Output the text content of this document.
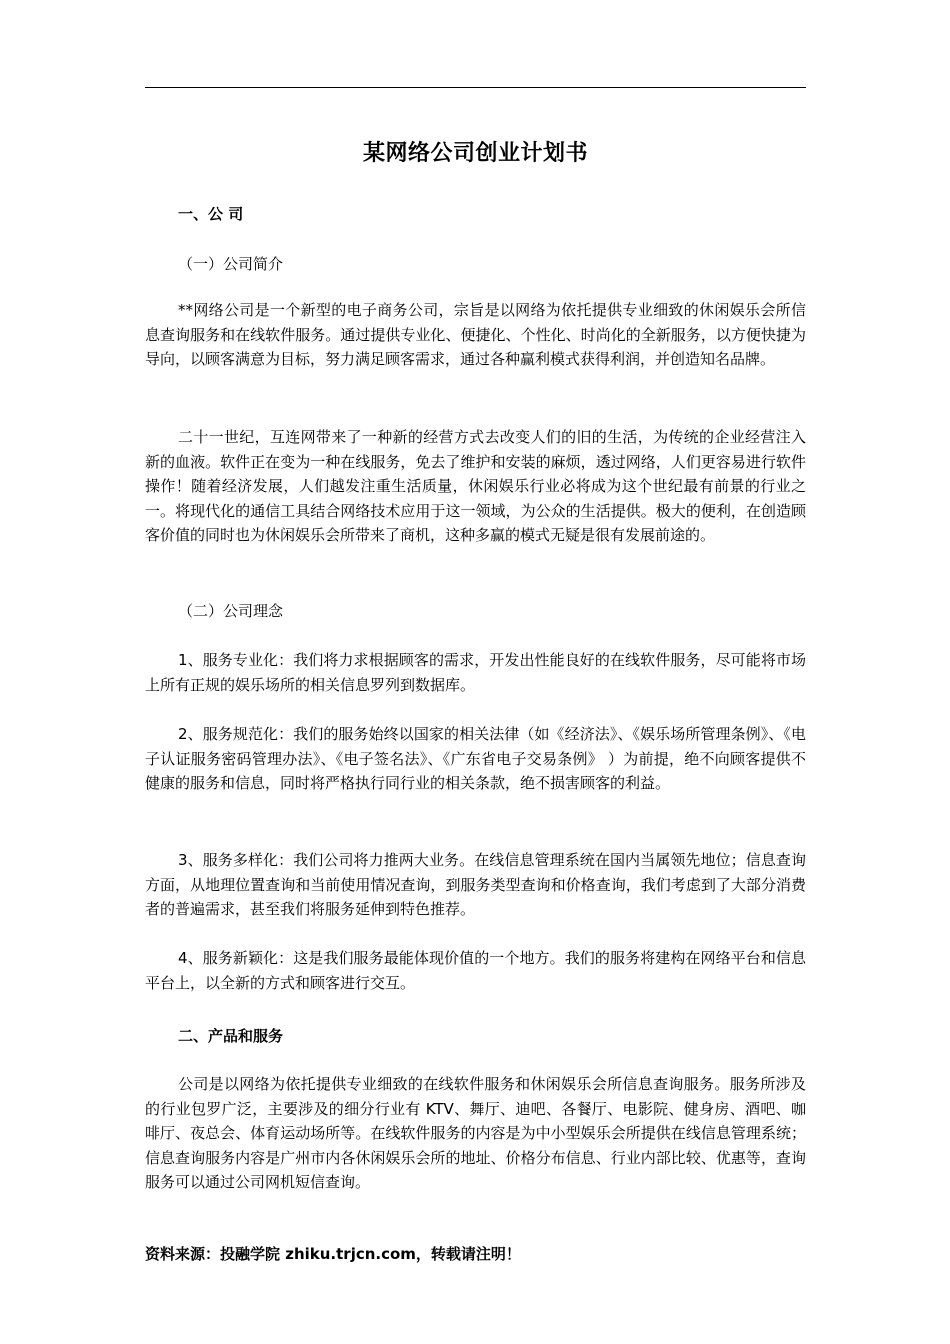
某网络公司创业计划书
一、公 司
（一）公司简介
**网络公司是一个新型的电子商务公司，宗旨是以网络为依托提供专业细致的休闲娱乐会所信息查询服务和在线软件服务。通过提供专业化、便捷化、个性化、时尚化的全新服务，以方便快捷为导向，以顾客满意为目标，努力满足顾客需求，通过各种赢利模式获得利润，并创造知名品牌。
二十一世纪，互连网带来了一种新的经营方式去改变人们的旧的生活，为传统的企业经营注入新的血液。软件正在变为一种在线服务，免去了维护和安装的麻烦，透过网络，人们更容易进行软件操作！随着经济发展，人们越发注重生活质量，休闲娱乐行业必将成为这个世纪最有前景的行业之一。将现代化的通信工具结合网络技术应用于这一领域，为公众的生活提供。极大的便利，在创造顾客价值的同时也为休闲娱乐会所带来了商机，这种多赢的模式无疑是很有发展前途的。
（二）公司理念
1、服务专业化：我们将力求根据顾客的需求，开发出性能良好的在线软件服务，尽可能将市场上所有正规的娱乐场所的相关信息罗列到数据库。
2、服务规范化：我们的服务始终以国家的相关法律（如《经济法》、《娱乐场所管理条例》、《电子认证服务密码管理办法》、《电子签名法》、《广东省电子交易条例》 ）为前提，绝不向顾客提供不健康的服务和信息，同时将严格执行同行业的相关条款，绝不损害顾客的利益。
3、服务多样化：我们公司将力推两大业务。在线信息管理系统在国内当属领先地位；信息查询方面，从地理位置查询和当前使用情况查询，到服务类型查询和价格查询，我们考虑到了大部分消费者的普遍需求，甚至我们将服务延伸到特色推荐。
4、服务新颖化：这是我们服务最能体现价值的一个地方。我们的服务将建构在网络平台和信息平台上，以全新的方式和顾客进行交互。
二、产品和服务
公司是以网络为依托提供专业细致的在线软件服务和休闲娱乐会所信息查询服务。服务所涉及的行业包罗广泛，主要涉及的细分行业有 KTV、舞厅、迪吧、各餐厅、电影院、健身房、酒吧、咖啡厅、夜总会、体育运动场所等。在线软件服务的内容是为中小型娱乐会所提供在线信息管理系统；信息查询服务内容是广州市内各休闲娱乐会所的地址、价格分布信息、行业内部比较、优惠等，查询服务可以通过公司网机短信查询。
资料来源：投融学院 zhiku.trjcn.com，转载请注明！
